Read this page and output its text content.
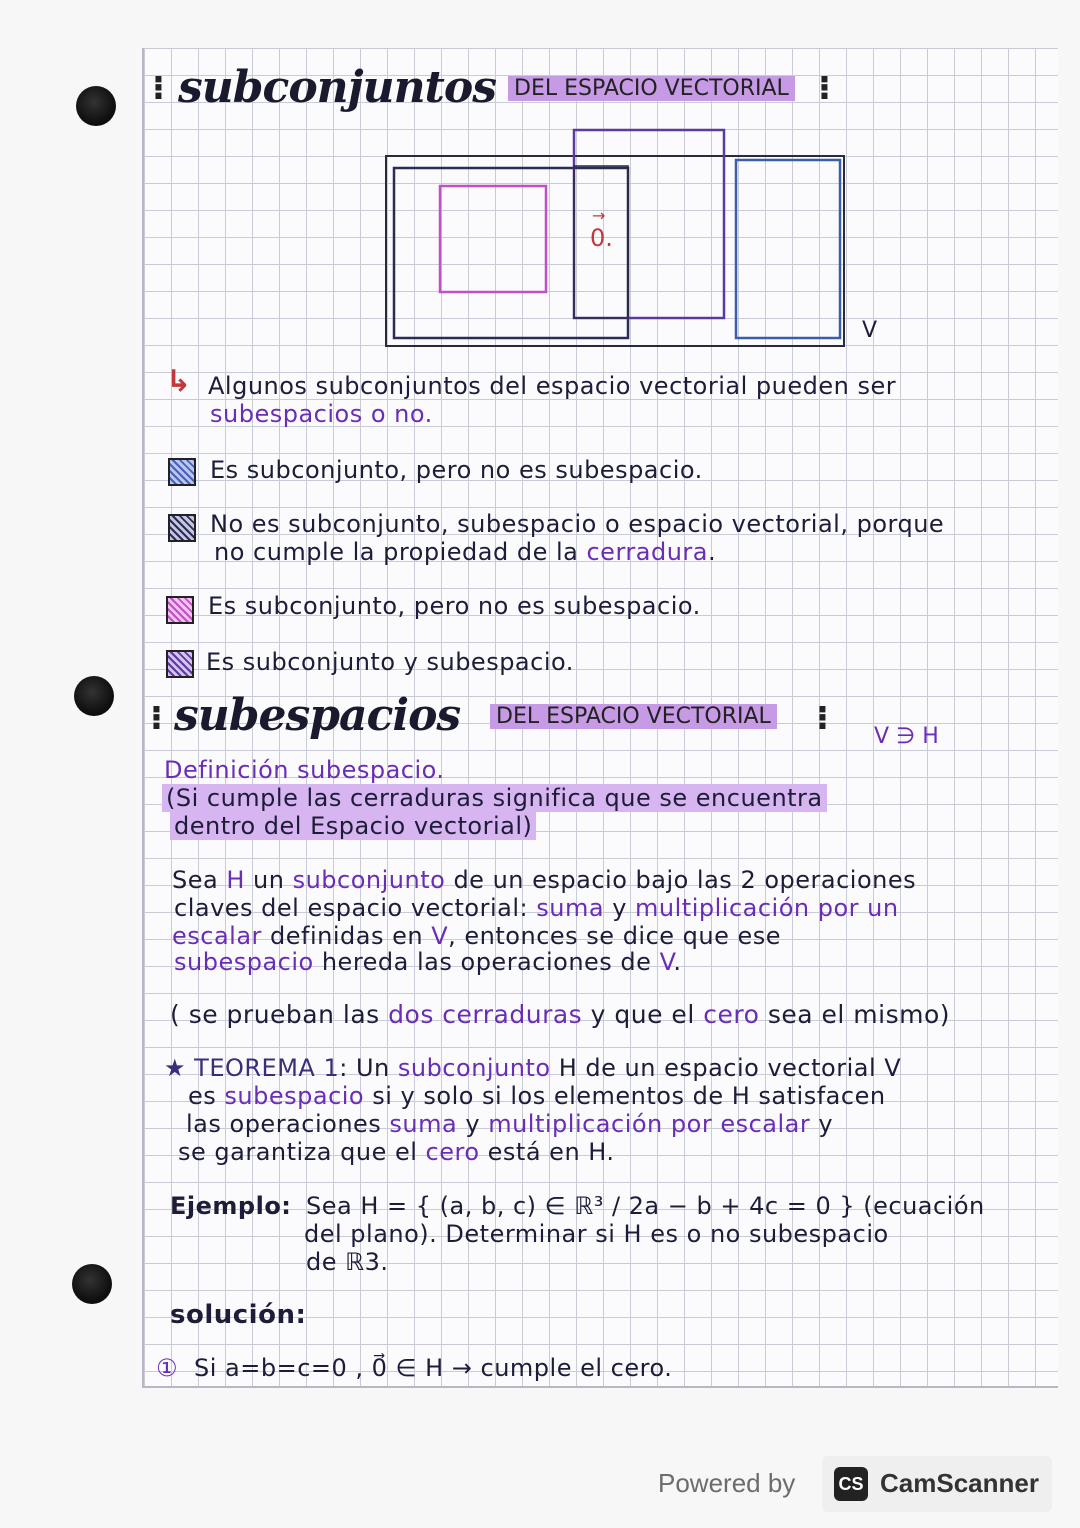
⁝ subconjuntos DEL ESPACIO VECTORIAL ⁝
0.
→
V
↳ Algunos subconjuntos del espacio vectorial pueden ser
subespacios o no.
Es subconjunto, pero no es subespacio.
No es subconjunto, subespacio o espacio vectorial, porque
no cumple la propiedad de la cerradura.
Es subconjunto, pero no es subespacio.
Es subconjunto y subespacio.
⁝ subespacios DEL ESPACIO VECTORIAL ⁝ V ∋ H
Definición subespacio.
(Si cumple las cerraduras significa que se encuentra
dentro del Espacio vectorial)
Sea H un subconjunto de un espacio bajo las 2 operaciones
claves del espacio vectorial: suma y multiplicación por un
escalar definidas en V, entonces se dice que ese
subespacio hereda las operaciones de V.
( se prueban las dos cerraduras y que el cero sea el mismo)
★ TEOREMA 1: Un subconjunto H de un espacio vectorial V
es subespacio si y solo si los elementos de H satisfacen
las operaciones suma y multiplicación por escalar y
se garantiza que el cero está en H.
Ejemplo: Sea H = { (a, b, c) ∈ ℝ³ / 2a − b + 4c = 0 } (ecuación
del plano). Determinar si H es o no subespacio
de ℝ3.
solución:
① Si a=b=c=0 , 0⃗ ∈ H → cumple el cero.
Powered by CS CamScanner
